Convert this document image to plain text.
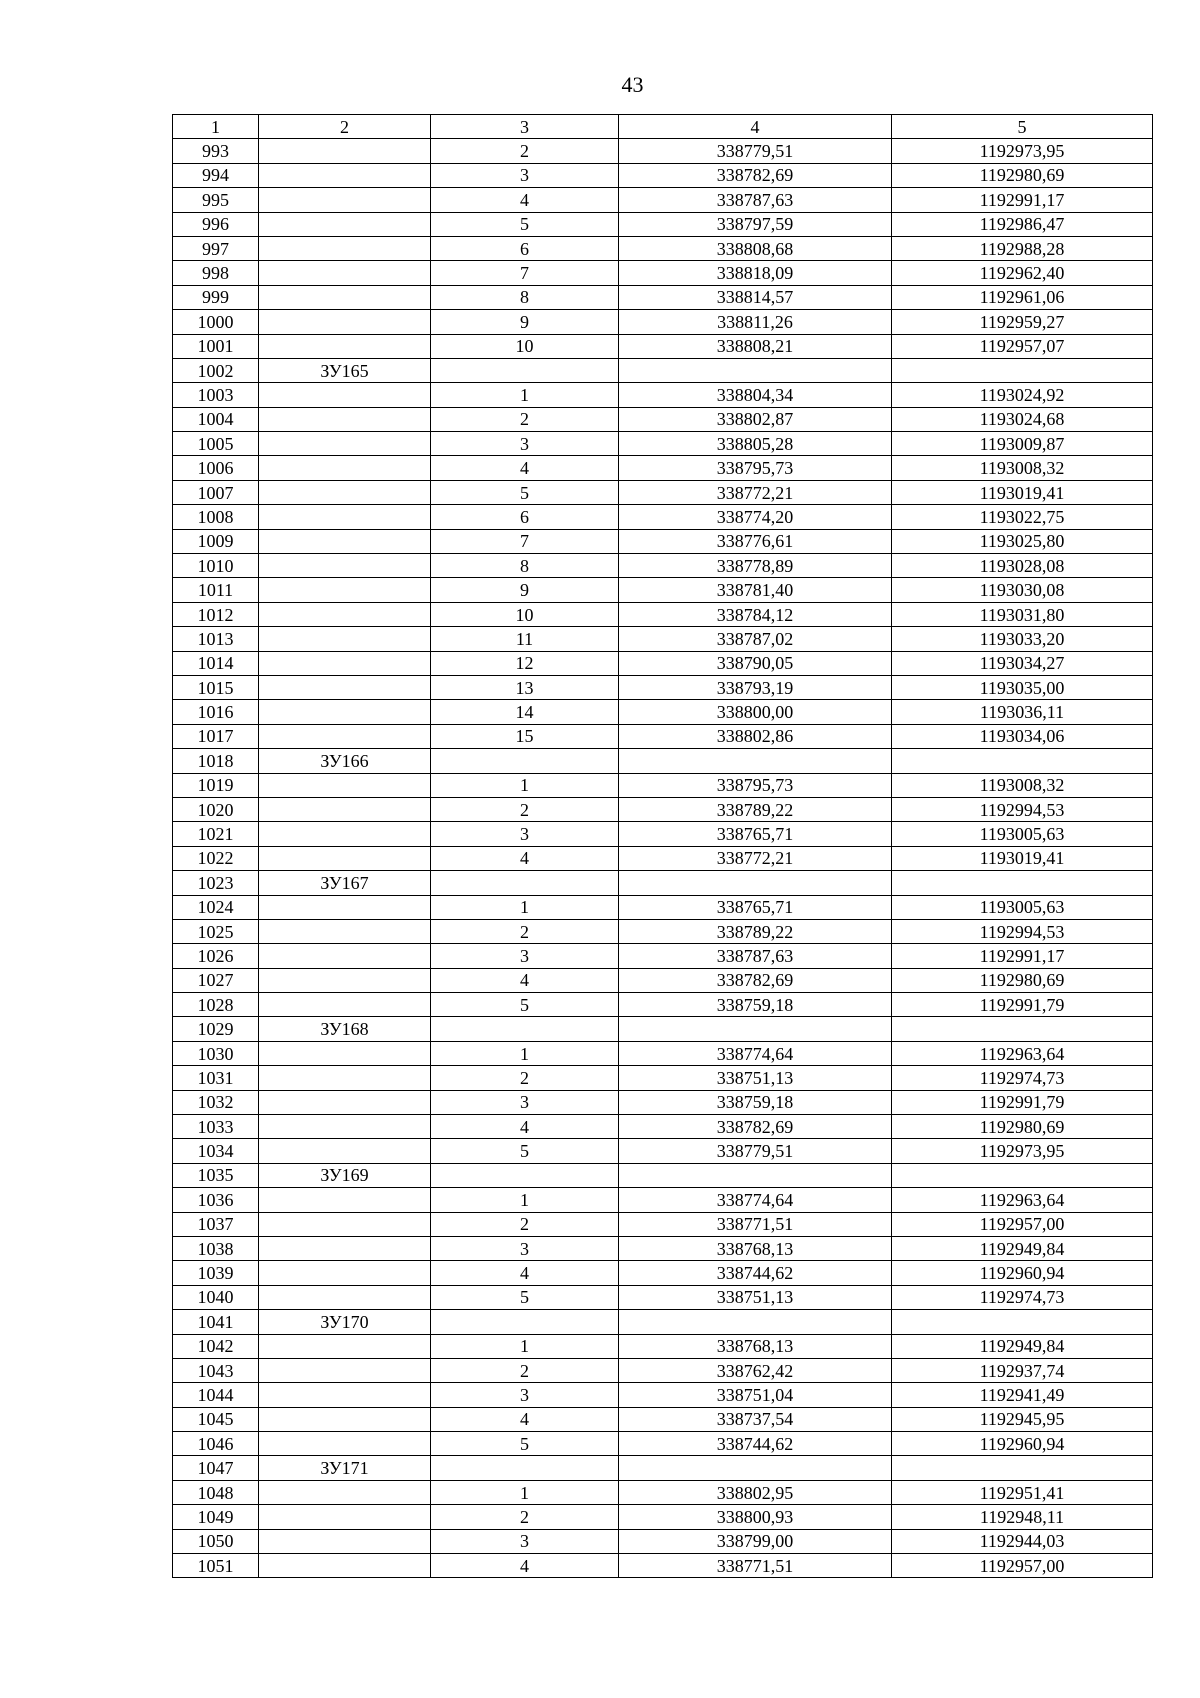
43
1	2	3	4	5
993		2	338779,51	1192973,95
994		3	338782,69	1192980,69
995		4	338787,63	1192991,17
996		5	338797,59	1192986,47
997		6	338808,68	1192988,28
998		7	338818,09	1192962,40
999		8	338814,57	1192961,06
1000		9	338811,26	1192959,27
1001		10	338808,21	1192957,07
1002	ЗУ165			
1003		1	338804,34	1193024,92
1004		2	338802,87	1193024,68
1005		3	338805,28	1193009,87
1006		4	338795,73	1193008,32
1007		5	338772,21	1193019,41
1008		6	338774,20	1193022,75
1009		7	338776,61	1193025,80
1010		8	338778,89	1193028,08
1011		9	338781,40	1193030,08
1012		10	338784,12	1193031,80
1013		11	338787,02	1193033,20
1014		12	338790,05	1193034,27
1015		13	338793,19	1193035,00
1016		14	338800,00	1193036,11
1017		15	338802,86	1193034,06
1018	ЗУ166			
1019		1	338795,73	1193008,32
1020		2	338789,22	1192994,53
1021		3	338765,71	1193005,63
1022		4	338772,21	1193019,41
1023	ЗУ167			
1024		1	338765,71	1193005,63
1025		2	338789,22	1192994,53
1026		3	338787,63	1192991,17
1027		4	338782,69	1192980,69
1028		5	338759,18	1192991,79
1029	ЗУ168			
1030		1	338774,64	1192963,64
1031		2	338751,13	1192974,73
1032		3	338759,18	1192991,79
1033		4	338782,69	1192980,69
1034		5	338779,51	1192973,95
1035	ЗУ169			
1036		1	338774,64	1192963,64
1037		2	338771,51	1192957,00
1038		3	338768,13	1192949,84
1039		4	338744,62	1192960,94
1040		5	338751,13	1192974,73
1041	ЗУ170			
1042		1	338768,13	1192949,84
1043		2	338762,42	1192937,74
1044		3	338751,04	1192941,49
1045		4	338737,54	1192945,95
1046		5	338744,62	1192960,94
1047	ЗУ171			
1048		1	338802,95	1192951,41
1049		2	338800,93	1192948,11
1050		3	338799,00	1192944,03
1051		4	338771,51	1192957,00
